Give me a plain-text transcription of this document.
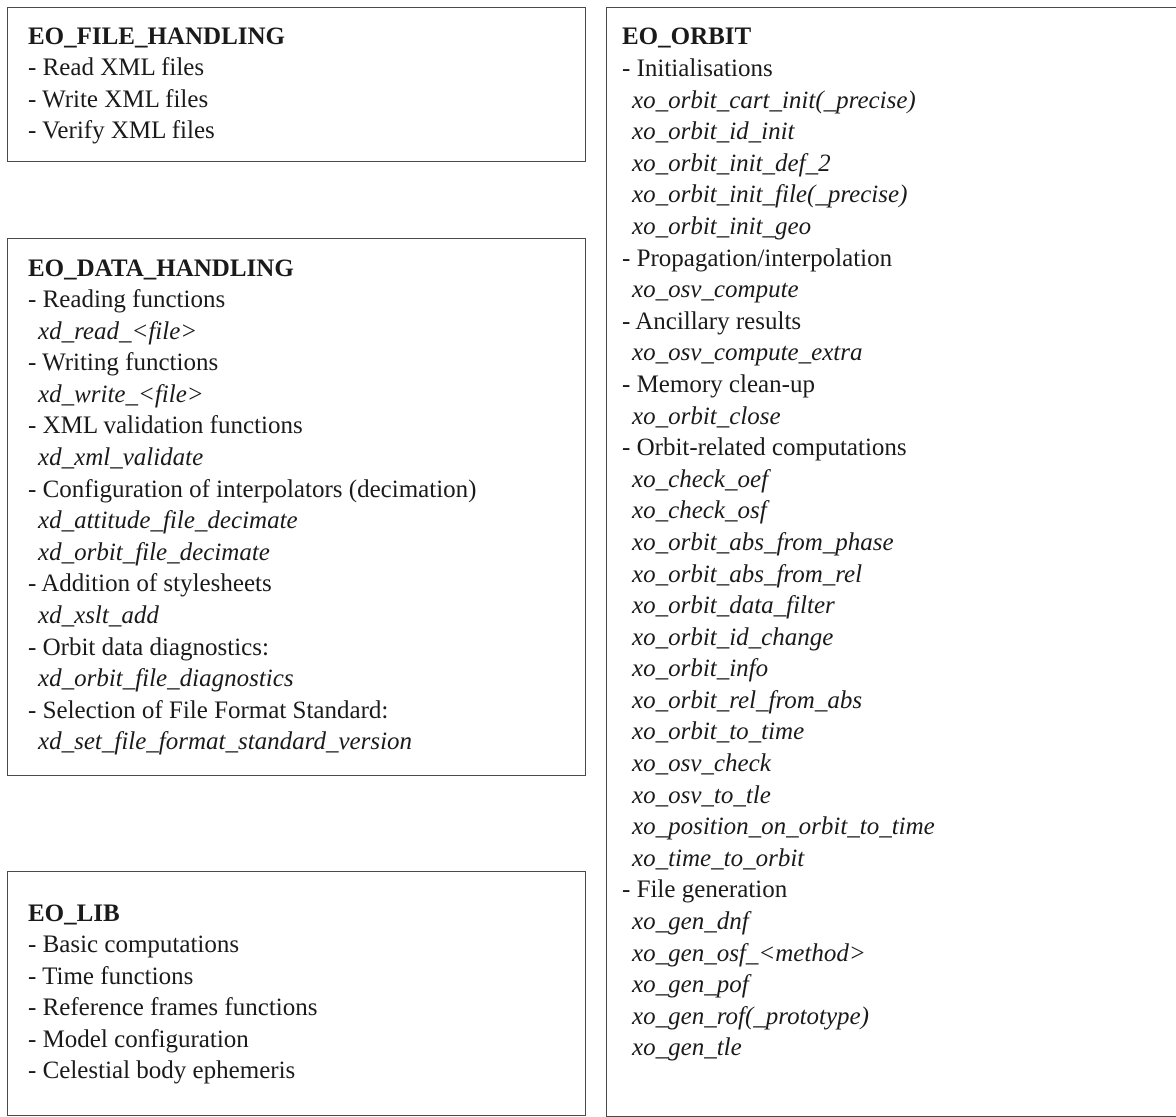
EO_FILE_HANDLING
- Read XML files
- Write XML files
- Verify XML files
EO_DATA_HANDLING
- Reading functions
xd_read_<file>
- Writing functions
xd_write_<file>
- XML validation functions
xd_xml_validate
- Configuration of interpolators (decimation)
xd_attitude_file_decimate
xd_orbit_file_decimate
- Addition of stylesheets
xd_xslt_add
- Orbit data diagnostics:
xd_orbit_file_diagnostics
- Selection of File Format Standard:
xd_set_file_format_standard_version
EO_LIB
- Basic computations
- Time functions
- Reference frames functions
- Model configuration
- Celestial body ephemeris
EO_ORBIT
- Initialisations
xo_orbit_cart_init(_precise)
xo_orbit_id_init
xo_orbit_init_def_2
xo_orbit_init_file(_precise)
xo_orbit_init_geo
- Propagation/interpolation
xo_osv_compute
- Ancillary results
xo_osv_compute_extra
- Memory clean-up
xo_orbit_close
- Orbit-related computations
xo_check_oef
xo_check_osf
xo_orbit_abs_from_phase
xo_orbit_abs_from_rel
xo_orbit_data_filter
xo_orbit_id_change
xo_orbit_info
xo_orbit_rel_from_abs
xo_orbit_to_time
xo_osv_check
xo_osv_to_tle
xo_position_on_orbit_to_time
xo_time_to_orbit
- File generation
xo_gen_dnf
xo_gen_osf_<method>
xo_gen_pof
xo_gen_rof(_prototype)
xo_gen_tle
